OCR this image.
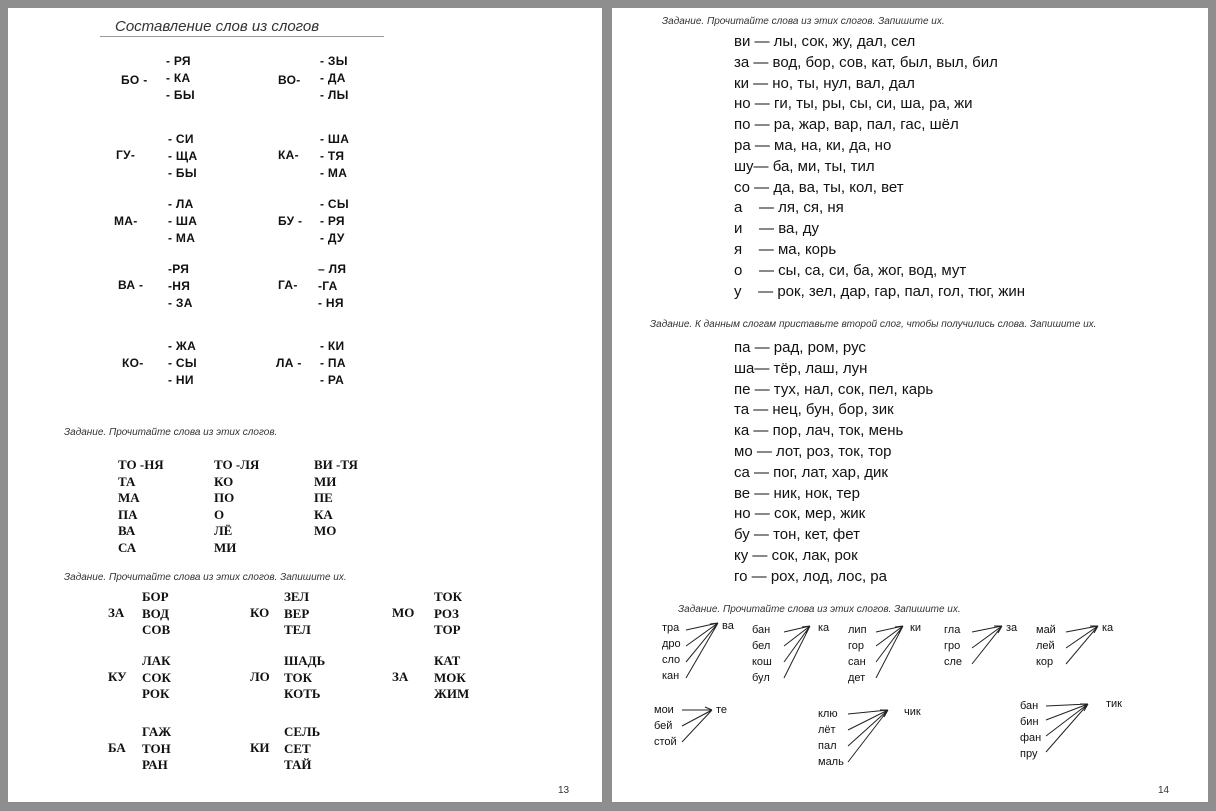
Составление слов из слогов
БО -
- РЯ
- КА
- БЫ
ВО-
- ЗЫ
- ДА
- ЛЫ
ГУ-
- СИ
- ЩА
- БЫ
КА-
- ША
- ТЯ
- МА
МА-
- ЛА
- ША
- МА
БУ -
- СЫ
- РЯ
- ДУ
ВА -
-РЯ
-НЯ
- ЗА
ГА-
– ЛЯ
-ГА
- НЯ
КО-
- ЖА
- СЫ
- НИ
ЛА -
- КИ
- ПА
- РА
Задание. Прочитайте слова из этих слогов.
ТО -НЯ
ТА
МА
ПА
ВА
СА
ТО -ЛЯ
КО
ПО
О
ЛЁ
МИ
ВИ -ТЯ
МИ
ПЕ
КА
МО
Задание. Прочитайте слова из этих слогов. Запишите их.
ЗА
БОР
ВОД
СОВ
КО
ЗЕЛ
ВЕР
ТЕЛ
МО
ТОК
РОЗ
ТОР
КУ
ЛАК
СОК
РОК
ЛО
ШАДЬ
ТОК
КОТЬ
ЗА
КАТ
МОК
ЖИМ
БА
ГАЖ
ТОН
РАН
КИ
СЕЛЬ
СЕТ
ТАЙ
13
Задание. Прочитайте слова из этих слогов. Запишите их.
ви — лы, сок, жу, дал, сел
за — вод, бор, сов, кат, был, выл, бил
ки — но, ты, нул, вал, дал
но — ги, ты, ры, сы, си, ша, ра, жи
по — ра, жар, вар, пал, гас, шёл
ра — ма, на, ки, да, но
шу— ба, ми, ты, тил
со — да, ва, ты, кол, вет
а    — ля, ся, ня
и    — ва, ду
я    — ма, корь
о    — сы, са, си, ба, жог, вод, мут
у    — рок, зел, дар, гар, пал, гол, тюг, жин
Задание. К данным слогам приставьте второй слог, чтобы получились слова. Запишите их.
па — рад, ром, рус
ша— тёр, лаш, лун
пе — тух, нал, сок, пел, карь
та — нец, бун, бор, зик
ка — пор, лач, ток, мень
мо — лот, роз, ток, тор
са — пог, лат, хар, дик
ве — ник, нок, тер
но — сок, мер, жик
бу — тон, кет, фет
ку — сок, лак, рок
го — рох, лод, лос, ра
Задание. Прочитайте слова из этих слогов. Запишите их.
тра
дро
сло
кан
ва бан
бел
кош
бул
ка лип
гор
сан
дет
ки гла
гро
сле
за май
лей
кор
ка
мои
бей
стой
те	клю
лёт
пал
маль
чик	бан
бин
фан
пру
тик
14
